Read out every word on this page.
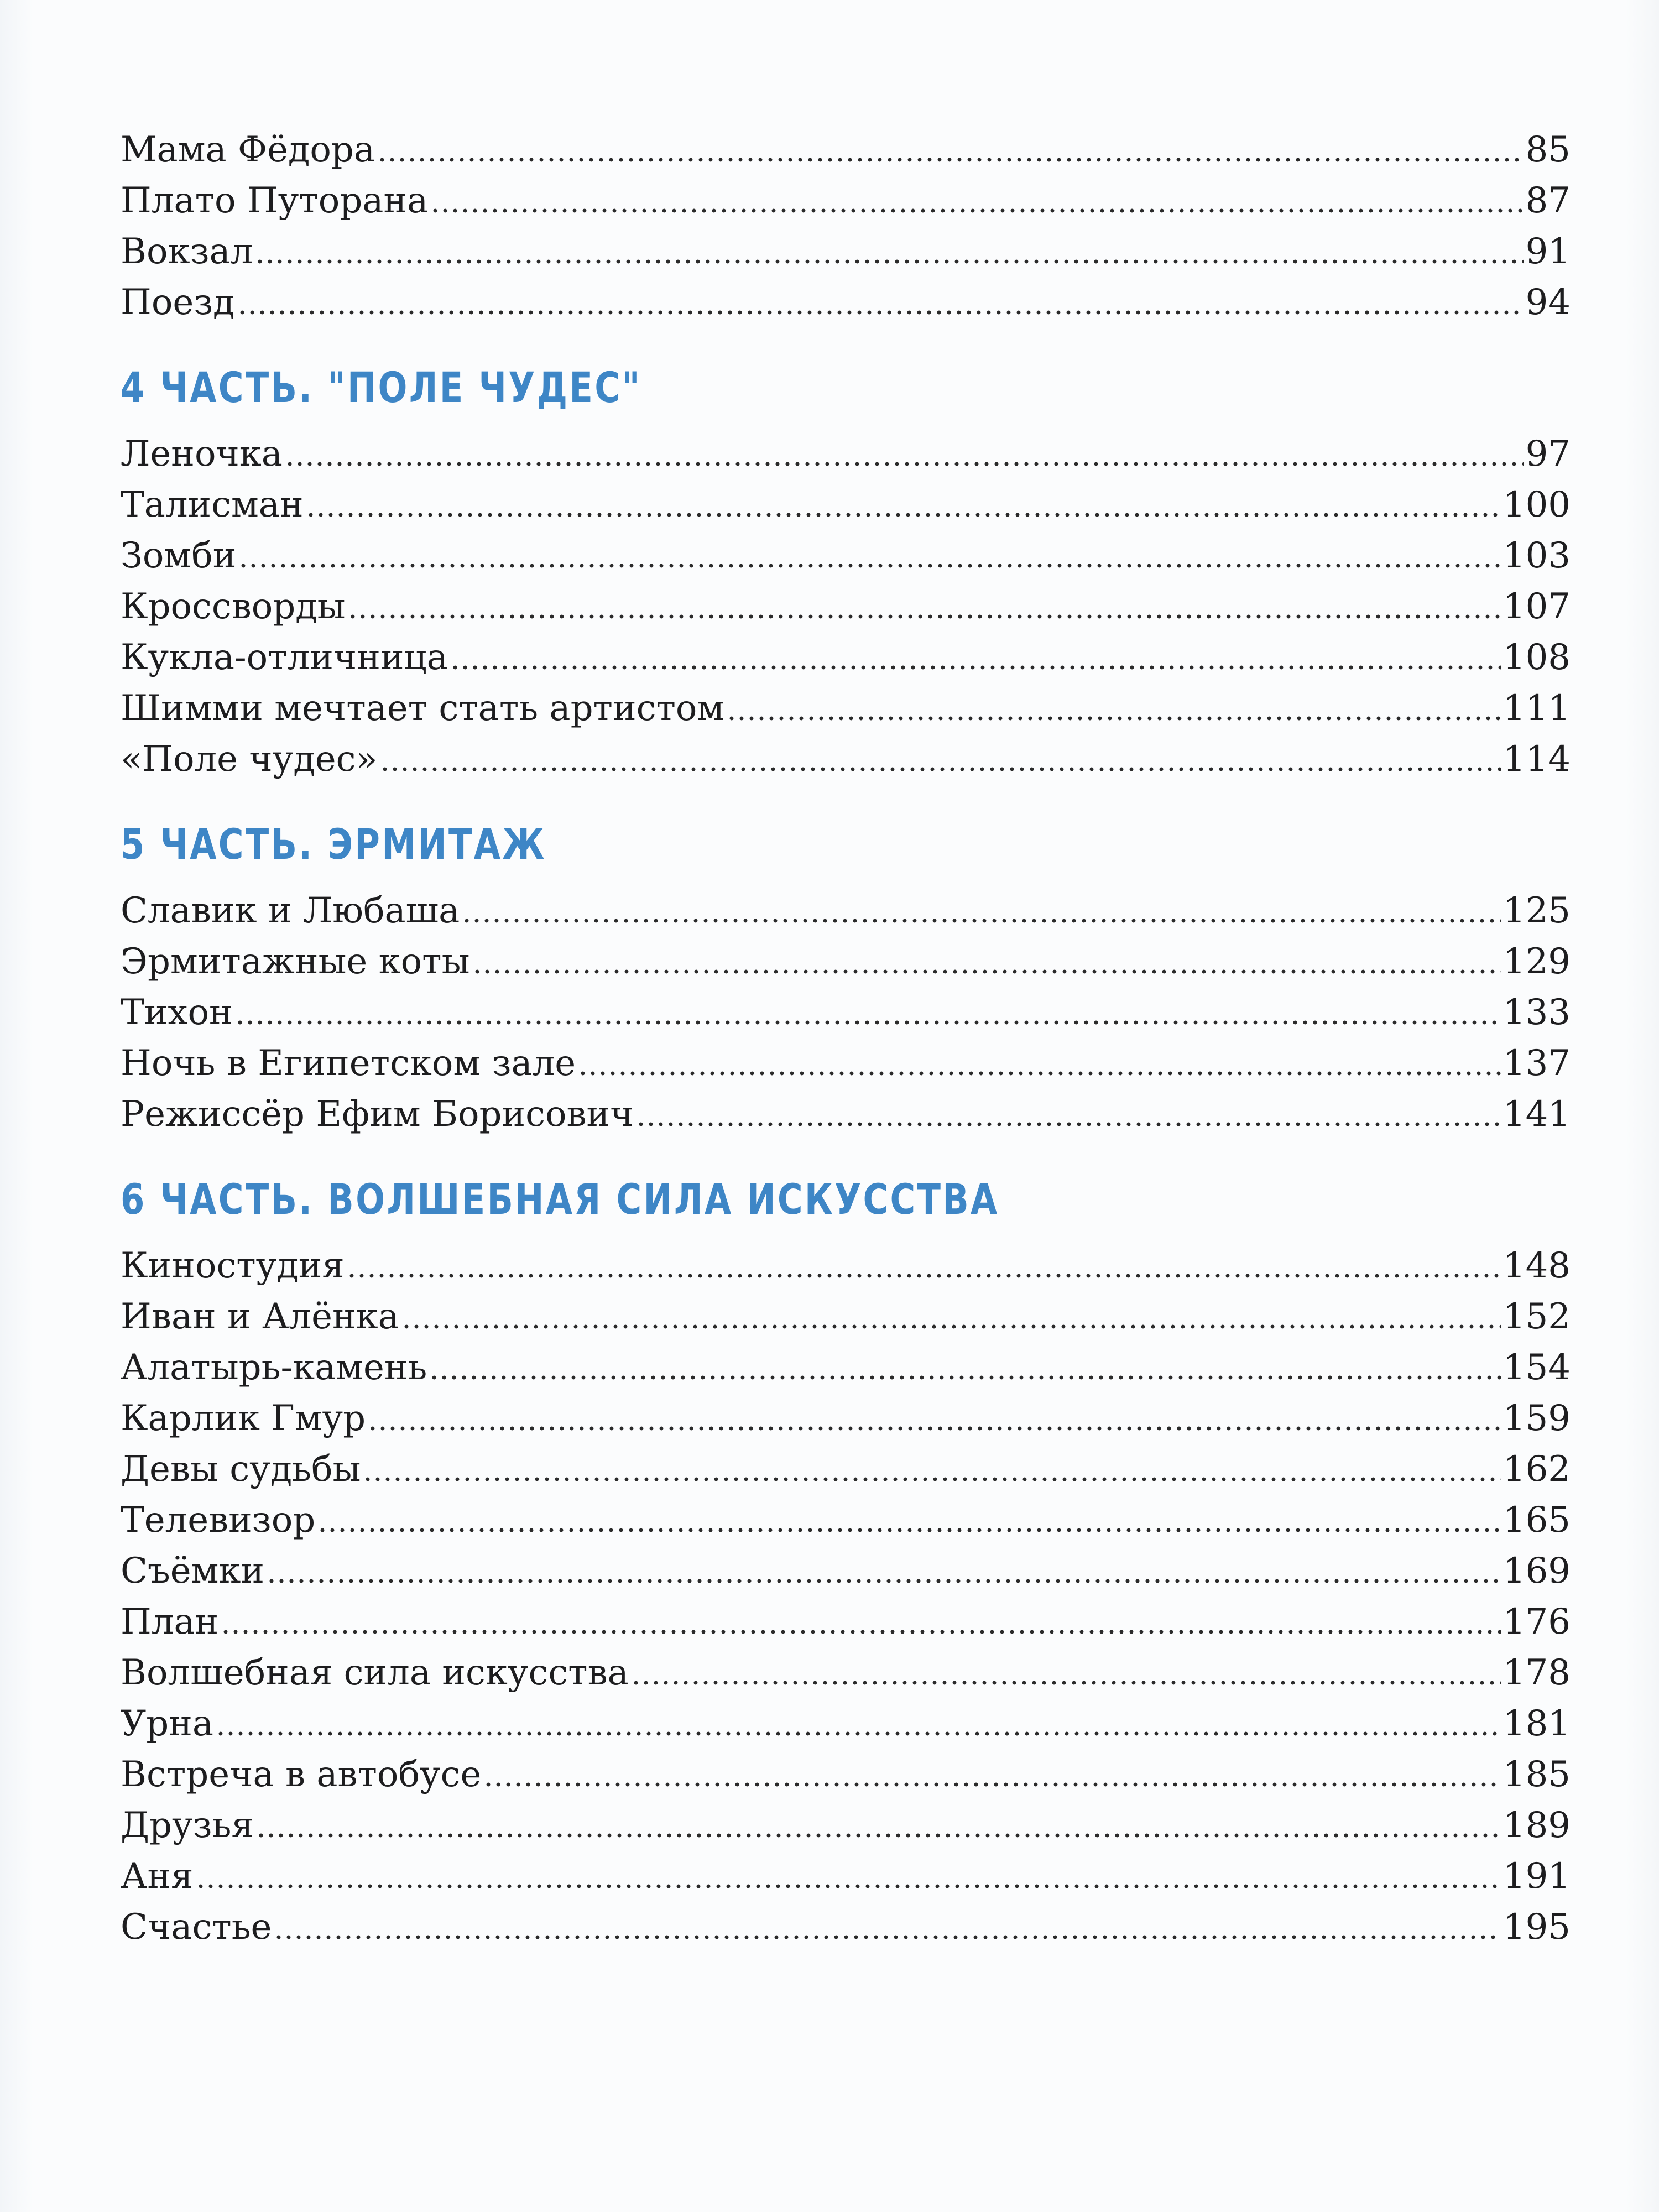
Мама Фёдора	85
Плато Путорана	87
Вокзал	91
Поезд	94
4 ЧАСТЬ. "ПОЛЕ ЧУДЕС"
Леночка	97
Талисман	100
Зомби	103
Кроссворды	107
Кукла-отличница	108
Шимми мечтает стать артистом	111
«Поле чудес»	114
5 ЧАСТЬ. ЭРМИТАЖ
Славик и Любаша	125
Эрмитажные коты	129
Тихон	133
Ночь в Египетском зале	137
Режиссёр Ефим Борисович	141
6 ЧАСТЬ. ВОЛШЕБНАЯ СИЛА ИСКУССТВА
Киностудия	148
Иван и Алёнка	152
Алатырь-камень	154
Карлик Гмур	159
Девы судьбы	162
Телевизор	165
Съёмки	169
План	176
Волшебная сила искусства	178
Урна	181
Встреча в автобусе	185
Друзья	189
Аня	191
Счастье	195
